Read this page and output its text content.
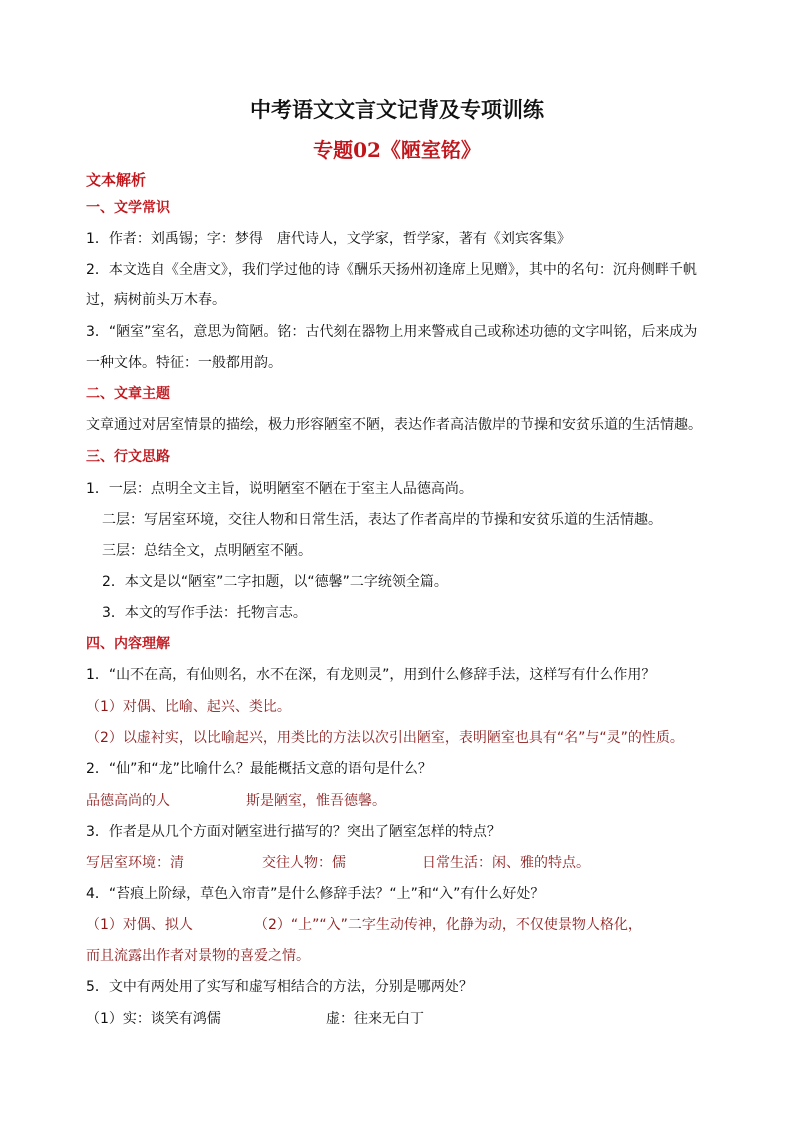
中考语文文言文记背及专项训练
专题02《陋室铭》
文本解析
一、文学常识
1．作者：刘禹锡；字：梦得　唐代诗人，文学家，哲学家，著有《刘宾客集》
2．本文选自《全唐文》，我们学过他的诗《酬乐天扬州初逢席上见赠》，其中的名句：沉舟侧畔千帆
过，病树前头万木春。
3．“陋室”室名，意思为简陋。铭：古代刻在器物上用来警戒自己或称述功德的文字叫铭，后来成为
一种文体。特征：一般都用韵。
二、文章主题
文章通过对居室情景的描绘，极力形容陋室不陋，表达作者高洁傲岸的节操和安贫乐道的生活情趣。
三、行文思路
1．一层：点明全文主旨，说明陋室不陋在于室主人品德高尚。
二层：写居室环境，交往人物和日常生活，表达了作者高岸的节操和安贫乐道的生活情趣。
三层：总结全文，点明陋室不陋。
2．本文是以“陋室”二字扣题，以“德馨”二字统领全篇。
3．本文的写作手法：托物言志。
四、内容理解
1．“山不在高，有仙则名，水不在深，有龙则灵”，用到什么修辞手法，这样写有什么作用？
（1）对偶、比喻、起兴、类比。
（2）以虚衬实，以比喻起兴，用类比的方法以次引出陋室，表明陋室也具有“名”与“灵”的性质。
2．“仙”和“龙”比喻什么？最能概括文意的语句是什么？
品德高尚的人	斯是陋室，惟吾德馨。
3．作者是从几个方面对陋室进行描写的？突出了陋室怎样的特点？
写居室环境：清	交往人物：儒	日常生活：闲、雅的特点。
4．“苔痕上阶绿，草色入帘青”是什么修辞手法？“上”和“入”有什么好处？
（1）对偶、拟人	（2）“上”“入”二字生动传神，化静为动，不仅使景物人格化，
而且流露出作者对景物的喜爱之情。
5．文中有两处用了实写和虚写相结合的方法，分别是哪两处？
（1）实：谈笑有鸿儒	虚：往来无白丁
